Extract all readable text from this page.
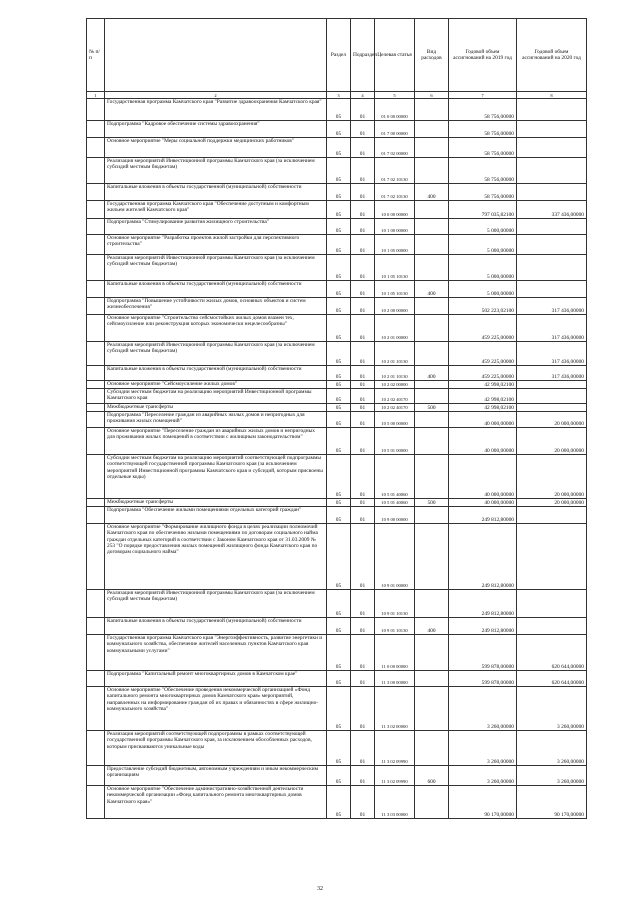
№ п/п		Раздел	Подраздел	Целевая статья	Вид расходов	Годовой объем ассигнований на 2019 год	Годовой объем ассигнований на 2020 год
1	2	3	4	5	6	7	8
	Государственная программа Камчатского края "Развитие здравоохранения Камчатского края"	05	01	01 0 00 00000		58 756,00000	
	Подпрограмма "Кадровое обеспечение системы здравоохранения"	05	01	01 7 00 00000		58 756,00000	
	Основное мероприятие "Меры социальной поддержки медицинских работников"	05	01	01 7 02 00000		58 756,00000	
	Реализация мероприятий Инвестиционной программы Камчатского края (за исключением субсидий местным бюджетам)	05	01	01 7 02 10130		58 756,00000	
	Капитальные вложения в объекты государственной (муниципальной) собственности	05	01	01 7 02 10130	400	58 756,00000	
	Государственная программа Камчатского края "Обеспечение доступным и комфортным жильем жителей Камчатского края"	05	01	10 0 00 00000		797 035,82100	337 436,00000
	Подпрограмма "Стимулирование развития жилищного строительства"	05	01	10 1 00 00000		5 000,00000	
	Основное мероприятие "Разработка проектов жилой застройки для перспективного строительства"	05	01	10 1 05 00000		5 000,00000	
	Реализация мероприятий Инвестиционной программы Камчатского края (за исключением субсидий местным бюджетам)	05	01	10 1 05 10130		5 000,00000	
	Капитальные вложения в объекты государственной (муниципальной) собственности	05	01	10 1 05 10130	400	5 000,00000	
	Подпрограмма "Повышение устойчивости жилых домов, основных объектов и систем жизнеобеспечения"	05	01	10 2 00 00000		502 223,02100	317 436,00000
	Основное мероприятие "Строительство сейсмостойких жилых домов взамен тех, сейсмоусиление или реконструкция которых экономически нецелесообразны"	05	01	10 2 01 00000		459 225,00000	317 436,00000
	Реализация мероприятий Инвестиционной программы Камчатского края (за исключением субсидий местным бюджетам)	05	01	10 2 01 10130		459 225,00000	317 436,00000
	Капитальные вложения в объекты государственной (муниципальной) собственности	05	01	10 2 01 10130	400	459 225,00000	317 436,00000
	Основное мероприятие "Сейсмоусиление жилых домов"	05	01	10 2 02 00000		42 998,02100	
	Субсидии местным бюджетам на реализацию мероприятий Инвестиционной программы Камчатского края	05	01	10 2 02 40170		42 998,02100	
	Межбюджетные трансферты	05	01	10 2 02 40170	500	42 998,02100	
	Подпрограмма "Переселение граждан из аварийных жилых домов и непригодных для проживания жилых помещений"	05	01	10 5 00 00000		40 000,00000	20 000,00000
	Основное мероприятие "Переселение граждан из аварийных жилых домов и непригодных для проживания жилых помещений в соответствии с жилищным законодательством"	05	01	10 5 01 00000		40 000,00000	20 000,00000
	Субсидии местным бюджетам на реализацию мероприятий соответствующей подпрограммы соответствующей государственной программы Камчатского края (за исключением мероприятий Инвестиционной программы Камчатского края и субсидий, которым присвоены отдельные коды)	05	01	10 5 01 40060		40 000,00000	20 000,00000
	Межбюджетные трансферты	05	01	10 5 01 40060	500	40 000,00000	20 000,00000
	Подпрограмма "Обеспечение жилыми помещениями отдельных категорий граждан"	05	01	10 9 00 00000		249 812,80000	
	Основное мероприятие "Формирование жилищного фонда в целях реализации полномочий Камчатского края по обеспечению жилыми помещениями по договорам социального найма граждан отдельных категорий в соответствии с Законом Камчатского края от 31.03.2009 № 253 "О порядке предоставления жилых помещений жилищного фонда Камчатского края по договорам социального найма"	05	01	10 9 01 00000		249 812,80000	
	Реализация мероприятий Инвестиционной программы Камчатского края (за исключением субсидий местным бюджетам)	05	01	10 9 01 10130		249 812,80000	
	Капитальные вложения в объекты государственной (муниципальной) собственности	05	01	10 9 01 10130	400	249 812,80000	
	Государственная программа Камчатского края "Энергоэффективность, развитие энергетики и коммунального хозяйства, обеспечение жителей населенных пунктов Камчатского края коммунальными услугами"	05	01	11 0 00 00000		599 878,00000	620 644,00000
	Подпрограмма "Капитальный ремонт многоквартирных домов в Камчатском крае"	05	01	11 3 00 00000		599 878,00000	620 644,00000
	Основное мероприятие "Обеспечение проведения некоммерческой организацией «Фонд капитального ремонта многоквартирных домов Камчатского края» мероприятий, направленных на информирование граждан об их правах и обязанностях в сфере жилищно-коммунального хозяйства"	05	01	11 3 02 00000		3 260,00000	3 260,00000
	Реализация мероприятий соответствующей подпрограммы в рамках соответствующей государственной программы Камчатского края, за исключением обособленных расходов, которым присваиваются уникальные коды	05	01	11 3 02 09990		3 260,00000	3 260,00000
	Предоставление субсидий бюджетным, автономным учреждениям и иным некоммерческим организациям	05	01	11 3 02 09990	600	3 260,00000	3 260,00000
	Основное мероприятие "Обеспечение административно-хозяйственной деятельности некоммерческой организации «Фонд капитального ремонта многоквартирных домов Камчатского края»"	05	01	11 3 03 00000		90 170,00000	90 170,00000
32
